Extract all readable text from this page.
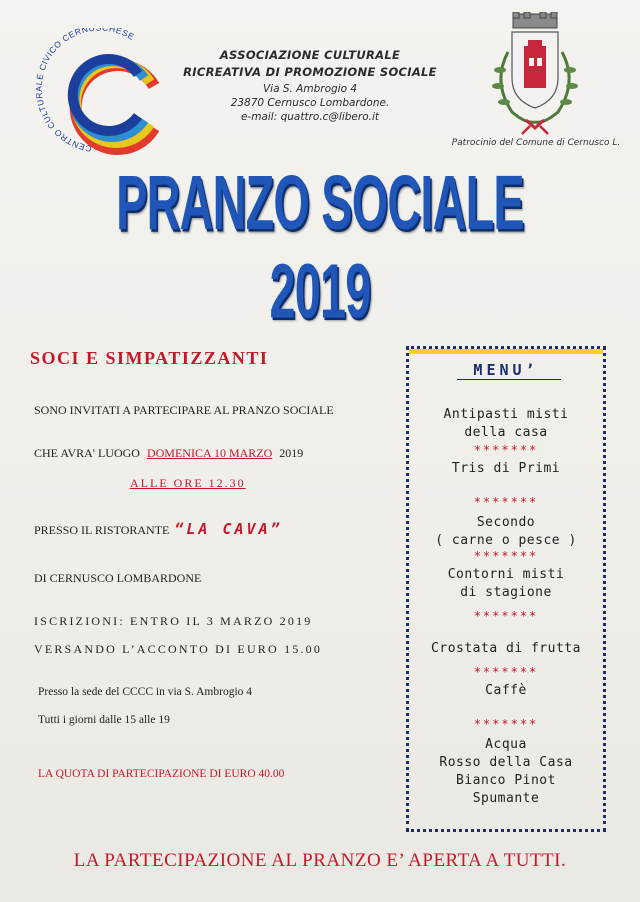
CENTRO CULTURALE CIVICO CERNU HESE
ASSOCIAZIONE CULTURALE
RICREATIVA DI PROMOZIONE SOCIALE
Via S. Ambrogio 4
23870 Cernusco Lombardone.
e-mail: quattro.c@libero.it
Patrocinio del Comune di Cernusco L.
PRANZO SOCIALE 2019
SOCI E SIMPATIZZANTI
SONO INVITATI A PARTECIPARE AL PRANZO SOCIALE
CHE AVRA' LUOGO DOMENICA 10 MARZO 2019
ALLE ORE 12.30
PRESSO IL RISTORANTE “LA CAVA”
DI CERNUSCO LOMBARDONE
ISCRIZIONI: ENTRO IL 3 MARZO 2019
VERSANDO L’ACCONTO DI EURO 15.00
Presso la sede del CCCC in via S. Ambrogio 4
Tutti i giorni dalle 15 alle 19
LA QUOTA DI PARTECIPAZIONE DI EURO 40.00
MENU’
Antipasti misti
della casa
*******
Tris di Primi
*******
Secondo
( carne o pesce )
*******
Contorni misti
di stagione
*******
Crostata di frutta
*******
Caffè
*******
Acqua
Rosso della Casa
Bianco Pinot
Spumante
LA PARTECIPAZIONE AL PRANZO E’ APERTA A TUTTI.
